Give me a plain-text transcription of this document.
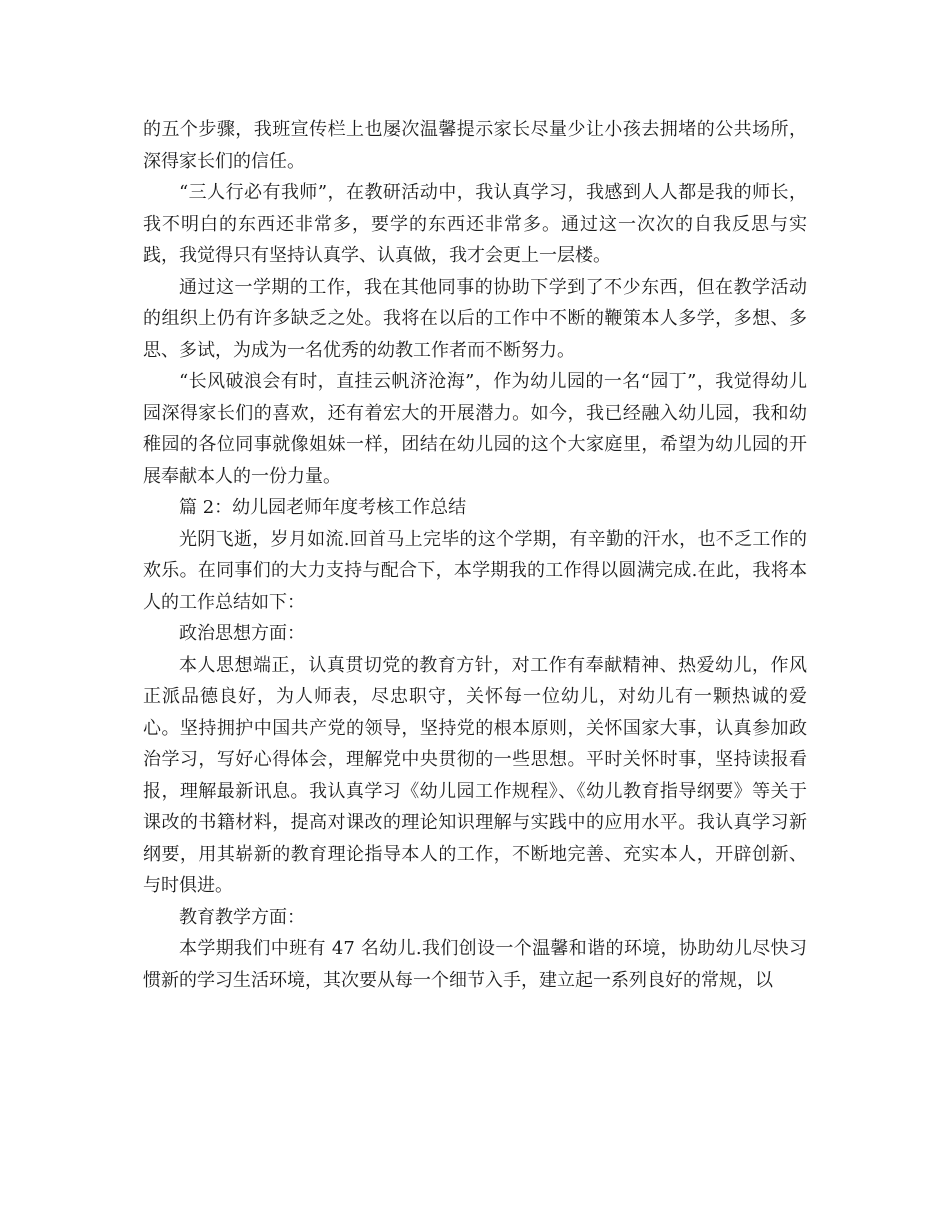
的五个步骤，我班宣传栏上也屡次温馨提示家长尽量少让小孩去拥堵的公共场所，深得家长们的信任。

“三人行必有我师”，在教研活动中，我认真学习，我感到人人都是我的师长，我不明白的东西还非常多，要学的东西还非常多。通过这一次次的自我反思与实践，我觉得只有坚持认真学、认真做，我才会更上一层楼。

通过这一学期的工作，我在其他同事的协助下学到了不少东西，但在教学活动的组织上仍有许多缺乏之处。我将在以后的工作中不断的鞭策本人多学，多想、多思、多试，为成为一名优秀的幼教工作者而不断努力。

“长风破浪会有时，直挂云帆济沧海”，作为幼儿园的一名“园丁”，我觉得幼儿园深得家长们的喜欢，还有着宏大的开展潜力。如今，我已经融入幼儿园，我和幼稚园的各位同事就像姐妹一样，团结在幼儿园的这个大家庭里，希望为幼儿园的开展奉献本人的一份力量。

篇 2：幼儿园老师年度考核工作总结

光阴飞逝，岁月如流.回首马上完毕的这个学期，有辛勤的汗水，也不乏工作的欢乐。在同事们的大力支持与配合下，本学期我的工作得以圆满完成.在此，我将本人的工作总结如下：

政治思想方面：

本人思想端正，认真贯切党的教育方针，对工作有奉献精神、热爱幼儿，作风正派品德良好，为人师表，尽忠职守，关怀每一位幼儿，对幼儿有一颗热诚的爱心。坚持拥护中国共产党的领导，坚持党的根本原则，关怀国家大事，认真参加政治学习，写好心得体会，理解党中央贯彻的一些思想。平时关怀时事，坚持读报看报，理解最新讯息。我认真学习《幼儿园工作规程》、《幼儿教育指导纲要》等关于课改的书籍材料，提高对课改的理论知识理解与实践中的应用水平。我认真学习新纲要，用其崭新的教育理论指导本人的工作，不断地完善、充实本人，开辟创新、与时俱进。

教育教学方面：

本学期我们中班有 47 名幼儿.我们创设一个温馨和谐的环境，协助幼儿尽快习惯新的学习生活环境，其次要从每一个细节入手，建立起一系列良好的常规，以
